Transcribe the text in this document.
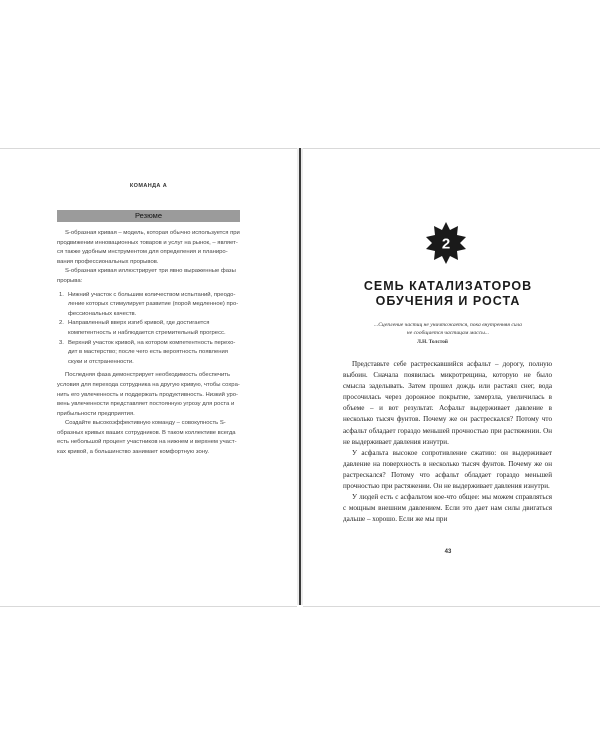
КОМАНДА А
Резюме

S-образная кривая – модель, которая обычно используется при продвижении инновационных товаров и услуг на рынок, – является также удобным инструментом для определения и планирования профессиональных прорывов.

S-образная кривая иллюстрирует три явно выраженные фазы прорыва:

1. Нижний участок с большим количеством испытаний, преодоление которых стимулирует развитие (порой медленное) профессиональных качеств.
2. Направленный вверх изгиб кривой, где достигается компетентность и наблюдается стремительный прогресс.
3. Верхний участок кривой, на котором компетентность переходит в мастерство; после чего есть вероятность появления скуки и отстраненности.

Последняя фаза демонстрирует необходимость обеспечить условия для перехода сотрудника на другую кривую, чтобы сохранить его увлеченность и поддержать продуктивность. Низкий уровень увлеченности представляет постоянную угрозу для роста и прибыльности предприятия.

Создайте высокоэффективную команду – совокупность S-образных кривых ваших сотрудников. В таком коллективе всегда есть небольшой процент участников на нижнем и верхнем участках кривой, а большинство занимает комфортную зону.

2
СЕМЬ КАТАЛИЗАТОРОВ
ОБУЧЕНИЯ И РОСТА
...Сцепление частиц не уничтожается, пока внутренняя сила
не сообщается частицам массы...
Л.Н. Толстой

Представьте себе растрескавшийся асфальт – дорогу, полную выбоин. Сначала появилась микротрещина, которую не было смысла заделывать. Затем прошел дождь или растаял снег, вода просочилась через дорожное покрытие, замерзла, увеличилась в объеме – и вот результат. Асфальт выдерживает давление в несколько тысяч фунтов. Почему же он растрескался? Потому что асфальт обладает гораздо меньшей прочностью при растяжении. Он не выдерживает давления изнутри.

У асфальта высокое сопротивление сжатию: он выдерживает давление на поверхность в несколько тысяч фунтов. Почему же он растрескался? Потому что асфальт обладает гораздо меньшей прочностью при растяжении. Он не выдерживает давления изнутри.

У людей есть с асфальтом кое-что общее: мы можем справляться с мощным внешним давлением. Если это дает нам силы двигаться дальше – хорошо. Если же мы при

43
